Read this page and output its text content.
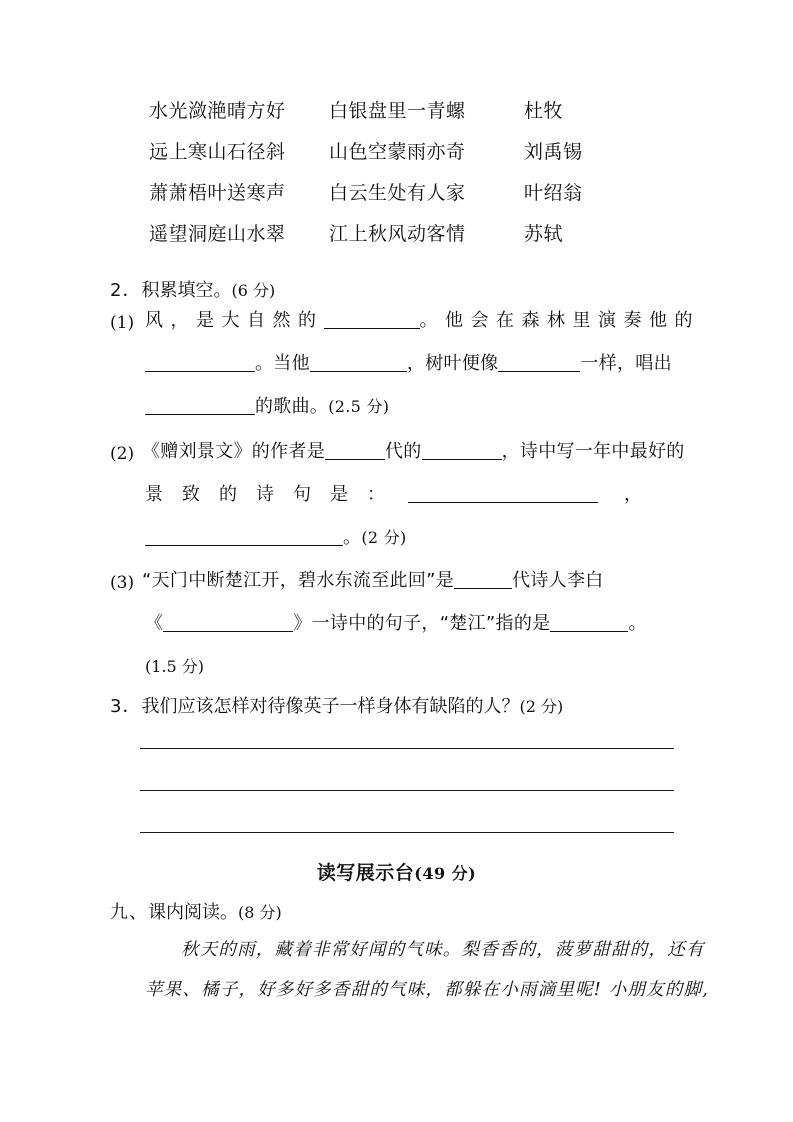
水光潋滟晴方好	白银盘里一青螺	杜牧
远上寒山石径斜	山色空蒙雨亦奇	刘禹锡
萧萧梧叶送寒声	白云生处有人家	叶绍翁
遥望洞庭山水翠	江上秋风动客情	苏轼
2．积累填空。(6 分)
(1) 风，是大自然的	。他会在森林里演奏他的
。当他	，树叶便像	一样，唱出
的歌曲。(2.5 分)
(2) 《赠刘景文》的作者是	代的	，诗中写一年中最好的
景致的诗句是：	，
。(2 分)
(3) “天门中断楚江开，碧水东流至此回”是	代诗人李白
《	》一诗中的句子，“楚江”指的是	。
(1.5 分)
3．我们应该怎样对待像英子一样身体有缺陷的人？(2 分)
读写展示台(49 分)
九、课内阅读。(8 分)
秋天的雨，藏着非常好闻的气味。梨香香的，菠萝甜甜的，还有
苹果、橘子，好多好多香甜的气味，都躲在小雨滴里呢! 小朋友的脚,
